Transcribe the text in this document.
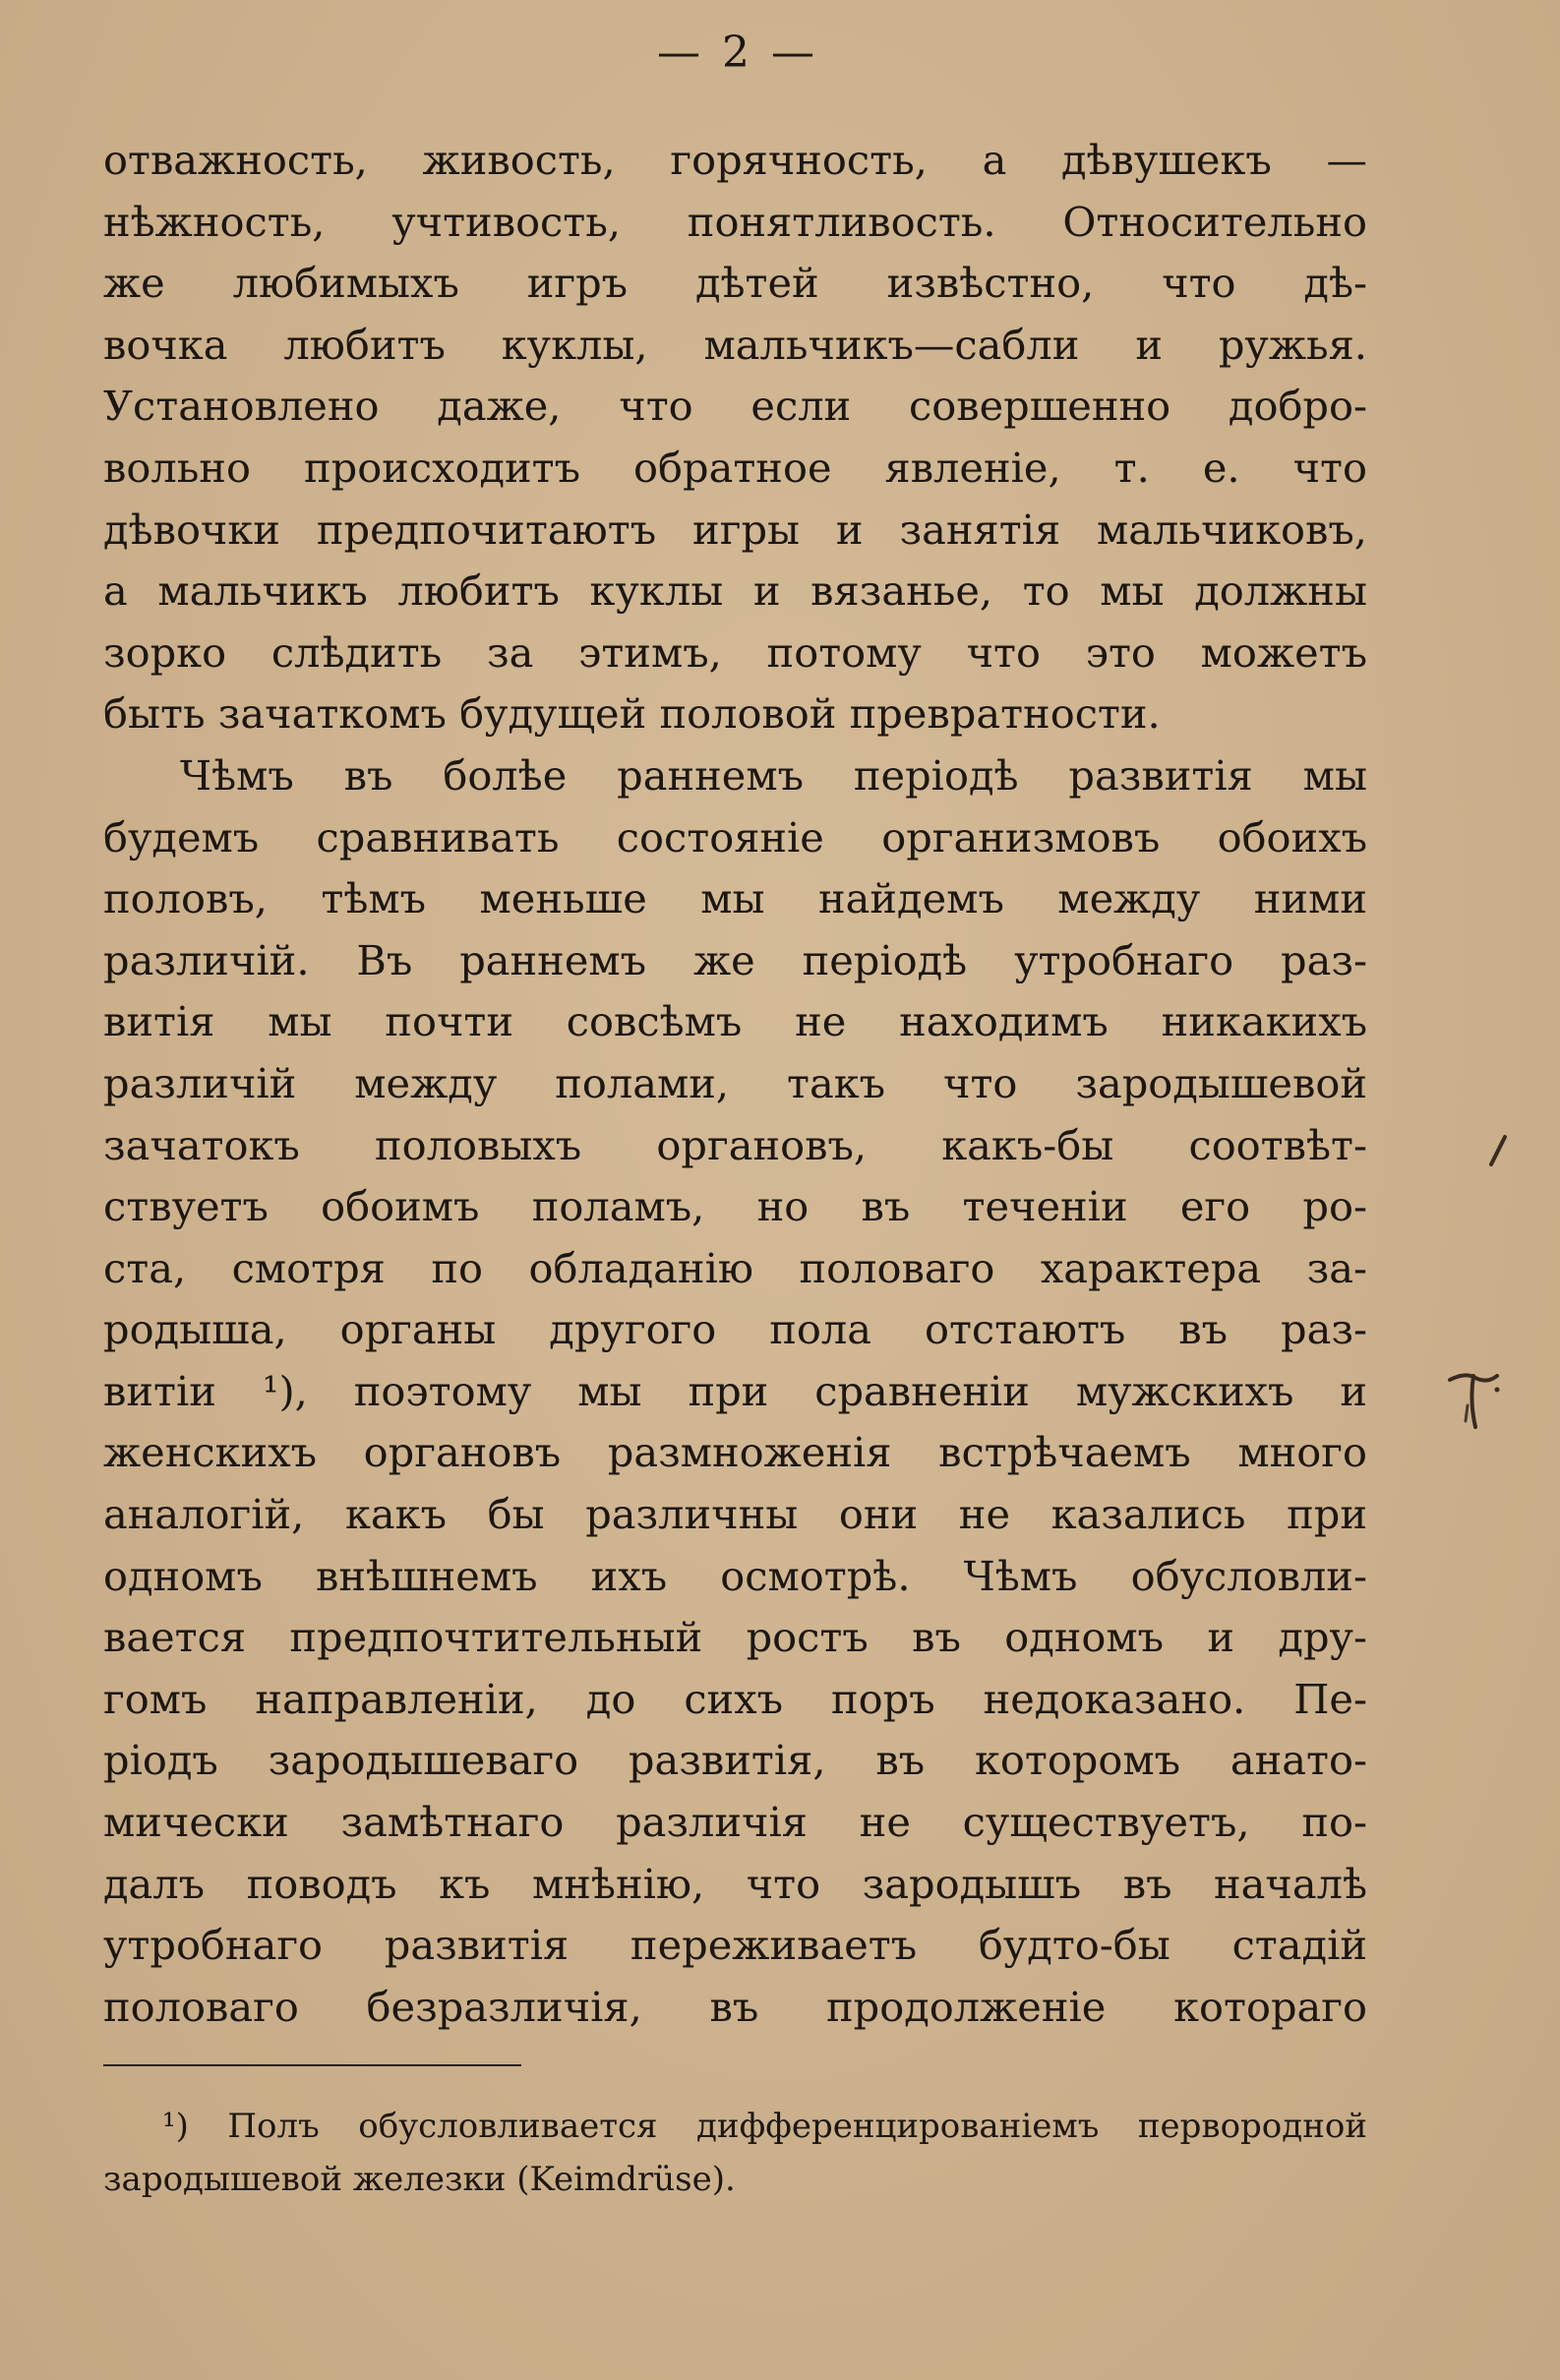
— 2 —
отважность, живость, горячность, а дѣвушекъ —
нѣжность, учтивость, понятливость. Относительно
же любимыхъ игръ дѣтей извѣстно, что дѣ-
вочка любитъ куклы, мальчикъ—сабли и ружья.
Установлено даже, что если совершенно добро-
вольно происходитъ обратное явленіе, т. е. что
дѣвочки предпочитаютъ игры и занятія мальчиковъ,
а мальчикъ любитъ куклы и вязанье, то мы должны
зорко слѣдить за этимъ, потому что это можетъ
быть зачаткомъ будущей половой превратности.
Чѣмъ въ болѣе раннемъ періодѣ развитія мы
будемъ сравнивать состояніе организмовъ обоихъ
половъ, тѣмъ меньше мы найдемъ между ними
различій. Въ раннемъ же періодѣ утробнаго раз-
витія мы почти совсѣмъ не находимъ никакихъ
различій между полами, такъ что зародышевой
зачатокъ половыхъ органовъ, какъ-бы соотвѣт-
ствуетъ обоимъ поламъ, но въ теченіи его ро-
ста, смотря по обладанію половаго характера за-
родыша, органы другого пола отстаютъ въ раз-
витіи ¹), поэтому мы при сравненіи мужскихъ и
женскихъ органовъ размноженія встрѣчаемъ много
аналогій, какъ бы различны они не казались при
одномъ внѣшнемъ ихъ осмотрѣ. Чѣмъ обусловли-
вается предпочтительный ростъ въ одномъ и дру-
гомъ направленіи, до сихъ поръ недоказано. Пе-
ріодъ зародышеваго развитія, въ которомъ анато-
мически замѣтнаго различія не существуетъ, по-
далъ поводъ къ мнѣнію, что зародышъ въ началѣ
утробнаго развитія переживаетъ будто-бы стадій
половаго безразличія, въ продолженіе котораго
¹) Полъ обусловливается дифференцированіемъ первородной
зародышевой железки (Keimdrüse).
